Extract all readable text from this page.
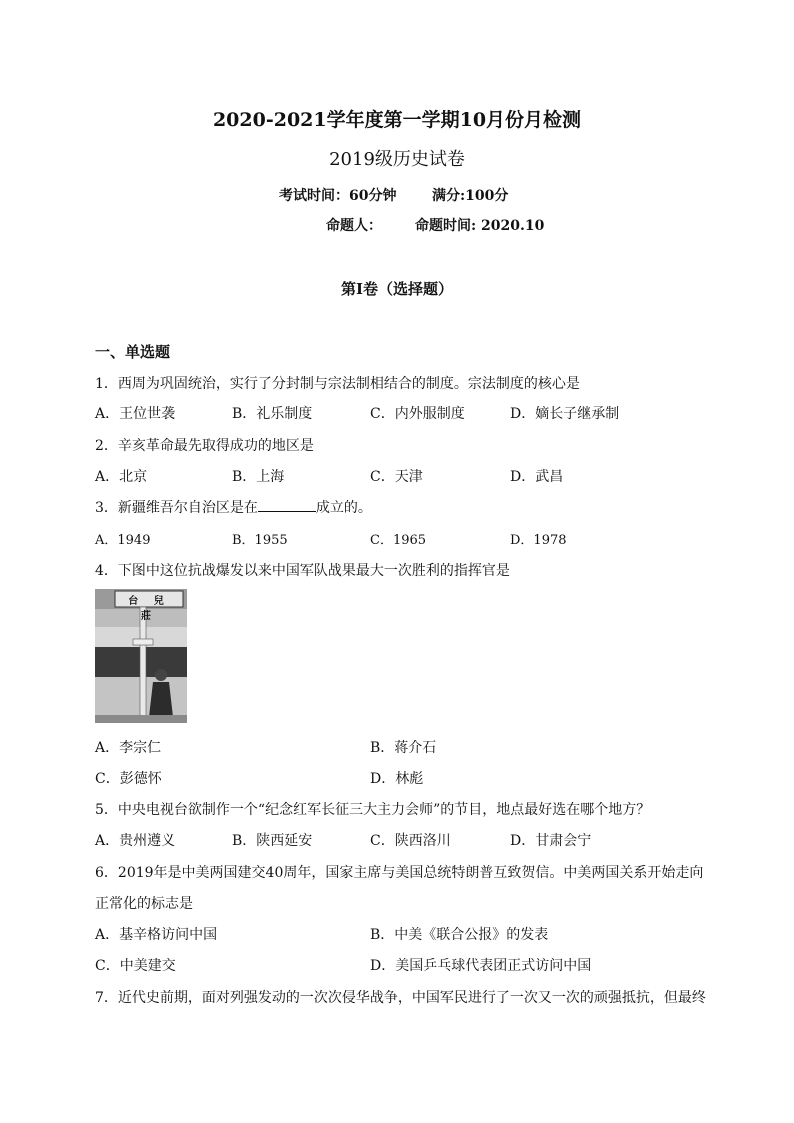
2020-2021学年度第一学期10月份月检测
2019级历史试卷
考试时间：60分钟	满分:100分
命题人： 命题时间: 2020.10
第Ⅰ卷（选择题）
一、单选题
1．西周为巩固统治，实行了分封制与宗法制相结合的制度。宗法制度的核心是
A．王位世袭	B．礼乐制度	C．内外服制度	D．嫡长子继承制
2．辛亥革命最先取得成功的地区是
A．北京	B．上海	C．天津	D．武昌
3．新疆维吾尔自治区是在	成立的。
A．1949	B．1955	C．1965	D．1978
4．下图中这位抗战爆发以来中国军队战果最大一次胜利的指挥官是
台 兒 莊
A．李宗仁	B．蒋介石
C．彭德怀	D．林彪
5．中央电视台欲制作一个“纪念红军长征三大主力会师”的节目，地点最好选在哪个地方？
A．贵州遵义	B．陕西延安	C．陕西洛川	D．甘肃会宁
6．2019年是中美两国建交40周年，国家主席与美国总统特朗普互致贺信。中美两国关系开始走向
正常化的标志是
A．基辛格访问中国	B．中美《联合公报》的发表
C．中美建交	D．美国乒乓球代表团正式访问中国
7．近代史前期，面对列强发动的一次次侵华战争，中国军民进行了一次又一次的顽强抵抗，但最终
